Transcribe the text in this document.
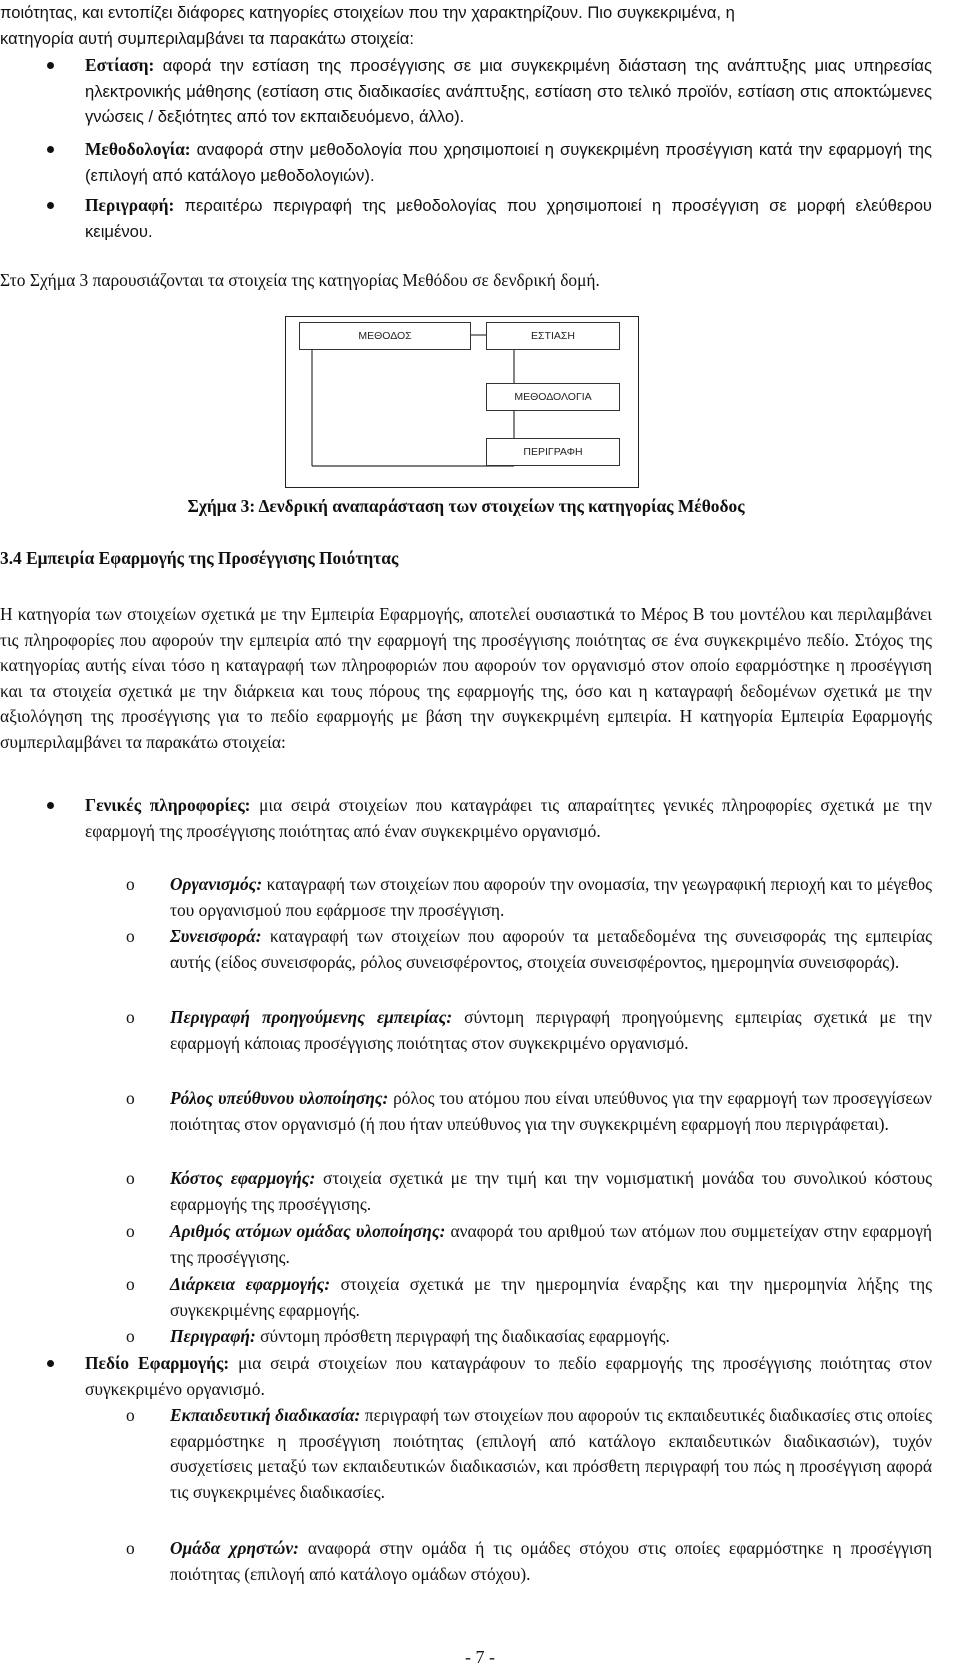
ποιότητας, και εντοπίζει διάφορες κατηγορίες στοιχείων που την χαρακτηρίζουν. Πιο συγκεκριμένα, η
κατηγορία αυτή συμπεριλαμβάνει τα παρακάτω στοιχεία:
Εστίαση: αφορά την εστίαση της προσέγγισης σε μια συγκεκριμένη διάσταση της ανάπτυξης μιας υπηρεσίας ηλεκτρονικής μάθησης (εστίαση στις διαδικασίες ανάπτυξης, εστίαση στο τελικό προϊόν, εστίαση στις αποκτώμενες γνώσεις / δεξιότητες από τον εκπαιδευόμενο, άλλο).
Μεθοδολογία: αναφορά στην μεθοδολογία που χρησιμοποιεί η συγκεκριμένη προσέγγιση κατά την εφαρμογή της (επιλογή από κατάλογο μεθοδολογιών).
Περιγραφή: περαιτέρω περιγραφή της μεθοδολογίας που χρησιμοποιεί η προσέγγιση σε μορφή ελεύθερου κειμένου.
Στο Σχήμα 3 παρουσιάζονται τα στοιχεία της κατηγορίας Μεθόδου σε δενδρική δομή.
ΜΕΘΟΔΟΣ	ΕΣΤΙΑΣΗ
ΜΕΘΟΔΟΛΟΓΙΑ
ΠΕΡΙΓΡΑΦΗ
Σχήμα 3: Δενδρική αναπαράσταση των στοιχείων της κατηγορίας Μέθοδος
3.4 Εμπειρία Εφαρμογής της Προσέγγισης Ποιότητας
Η κατηγορία των στοιχείων σχετικά με την Εμπειρία Εφαρμογής, αποτελεί ουσιαστικά το Μέρος Β του μοντέλου και περιλαμβάνει τις πληροφορίες που αφορούν την εμπειρία από την εφαρμογή της προσέγγισης ποιότητας σε ένα συγκεκριμένο πεδίο. Στόχος της κατηγορίας αυτής είναι τόσο η καταγραφή των πληροφοριών που αφορούν τον οργανισμό στον οποίο εφαρμόστηκε η προσέγγιση και τα στοιχεία σχετικά με την διάρκεια και τους πόρους της εφαρμογής της, όσο και η καταγραφή δεδομένων σχετικά με την αξιολόγηση της προσέγγισης για το πεδίο εφαρμογής με βάση την συγκεκριμένη εμπειρία. Η κατηγορία Εμπειρία Εφαρμογής συμπεριλαμβάνει τα παρακάτω στοιχεία:
Γενικές πληροφορίες: μια σειρά στοιχείων που καταγράφει τις απαραίτητες γενικές πληροφορίες σχετικά με την εφαρμογή της προσέγγισης ποιότητας από έναν συγκεκριμένο οργανισμό.
o Οργανισμός: καταγραφή των στοιχείων που αφορούν την ονομασία, την γεωγραφική περιοχή και το μέγεθος του οργανισμού που εφάρμοσε την προσέγγιση.
o Συνεισφορά: καταγραφή των στοιχείων που αφορούν τα μεταδεδομένα της συνεισφοράς της εμπειρίας αυτής (είδος συνεισφοράς, ρόλος συνεισφέροντος, στοιχεία συνεισφέροντος, ημερομηνία συνεισφοράς).
o Περιγραφή προηγούμενης εμπειρίας: σύντομη περιγραφή προηγούμενης εμπειρίας σχετικά με την εφαρμογή κάποιας προσέγγισης ποιότητας στον συγκεκριμένο οργανισμό.
o Ρόλος υπεύθυνου υλοποίησης: ρόλος του ατόμου που είναι υπεύθυνος για την εφαρμογή των προσεγγίσεων ποιότητας στον οργανισμό (ή που ήταν υπεύθυνος για την συγκεκριμένη εφαρμογή που περιγράφεται).
o Κόστος εφαρμογής: στοιχεία σχετικά με την τιμή και την νομισματική μονάδα του συνολικού κόστους εφαρμογής της προσέγγισης.
o Αριθμός ατόμων ομάδας υλοποίησης: αναφορά του αριθμού των ατόμων που συμμετείχαν στην εφαρμογή της προσέγγισης.
o Διάρκεια εφαρμογής: στοιχεία σχετικά με την ημερομηνία έναρξης και την ημερομηνία λήξης της συγκεκριμένης εφαρμογής.
o Περιγραφή: σύντομη πρόσθετη περιγραφή της διαδικασίας εφαρμογής.
Πεδίο Εφαρμογής: μια σειρά στοιχείων που καταγράφουν το πεδίο εφαρμογής της προσέγγισης ποιότητας στον συγκεκριμένο οργανισμό.
o Εκπαιδευτική διαδικασία: περιγραφή των στοιχείων που αφορούν τις εκπαιδευτικές διαδικασίες στις οποίες εφαρμόστηκε η προσέγγιση ποιότητας (επιλογή από κατάλογο εκπαιδευτικών διαδικασιών), τυχόν συσχετίσεις μεταξύ των εκπαιδευτικών διαδικασιών, και πρόσθετη περιγραφή του πώς η προσέγγιση αφορά τις συγκεκριμένες διαδικασίες.
o Ομάδα χρηστών: αναφορά στην ομάδα ή τις ομάδες στόχου στις οποίες εφαρμόστηκε η προσέγγιση ποιότητας (επιλογή από κατάλογο ομάδων στόχου).
- 7 -
